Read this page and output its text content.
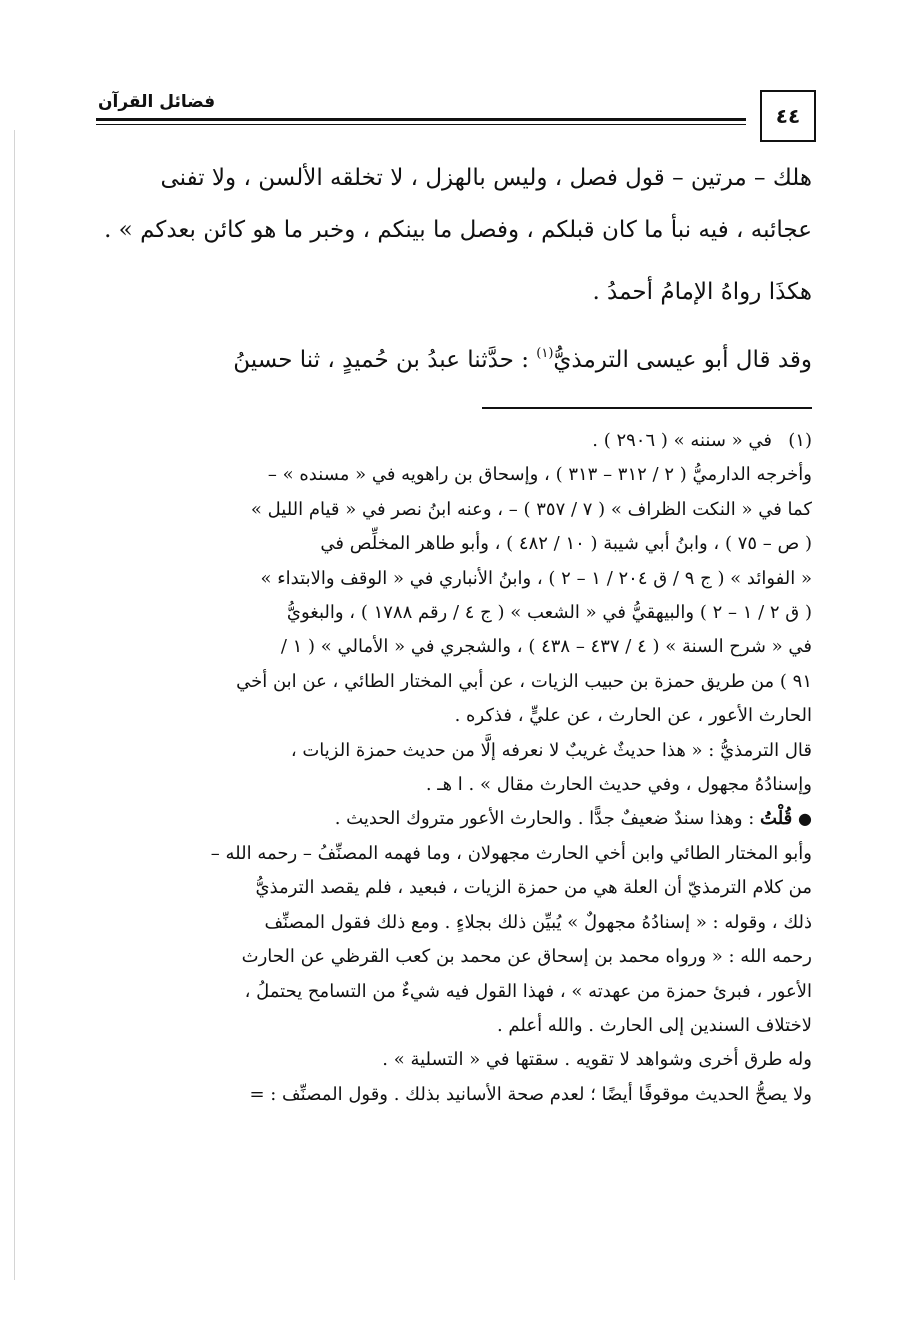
٤٤
فضائل القرآن

هلك – مرتين – قول فصل ، وليس بالهزل ، لا تخلقه الألسن ، ولا تفنى

عجائبه ، فيه نبأ ما كان قبلكم ، وفصل ما بينكم ، وخبر ما هو كائن بعدكم » .

هكذَا رواهُ الإمامُ أحمدُ .

وقد قال أبو عيسى الترمذيُّ$^{(١)}$ : حدَّثنا عبدُ بن حُميدٍ ، ثنا حسينُ

(١)في « سننه » ( ٢٩٠٦ ) .

وأخرجه الدارميُّ ( ٢ / ٣١٢ – ٣١٣ ) ، وإسحاق بن راهويه في « مسنده » –

كما في « النكت الظراف » ( ٧ / ٣٥٧ ) – ، وعنه ابنُ نصر في « قيام الليل »

( ص – ٧٥ ) ، وابنُ أبي شيبة ( ١٠ / ٤٨٢ ) ، وأبو طاهر المخلِّص في

« الفوائد » ( ج ٩ / ق ٢٠٤ / ١ – ٢ ) ، وابنُ الأنباري في « الوقف والابتداء »

( ق ٢ / ١ – ٢ ) والبيهقيُّ في « الشعب » ( ج ٤ / رقم ١٧٨٨ ) ، والبغويُّ

في « شرح السنة » ( ٤ / ٤٣٧ – ٤٣٨ ) ، والشجري في « الأمالي » ( ١ /

٩١ ) من طريق حمزة بن حبيب الزيات ، عن أبي المختار الطائي ، عن ابن أخي

الحارث الأعور ، عن الحارث ، عن عليٍّ ، فذكره .

قال الترمذيُّ : « هذا حديثٌ غريبٌ لا نعرفه إلَّا من حديث حمزة الزيات ،

وإسنادُهُ مجهول ، وفي حديث الحارث مقال » . ا هـ .

● قُلْتُ : وهذا سندٌ ضعيفٌ جدًّا . والحارث الأعور متروك الحديث .

وأبو المختار الطائي وابن أخي الحارث مجهولان ، وما فهمه المصنِّفُ – رحمه الله –

من كلام الترمذيّ أن العلة هي من حمزة الزيات ، فبعيد ، فلم يقصد الترمذيُّ

ذلك ، وقوله : « إسنادُهُ مجهولٌ » يُبيِّن ذلك بجلاءٍ . ومع ذلك فقول المصنِّف

رحمه الله : « ورواه محمد بن إسحاق عن محمد بن كعب القرظي عن الحارث

الأعور ، فبرئ حمزة من عهدته » ، فهذا القول فيه شيءٌ من التسامح يحتملُ ،

لاختلاف السندين إلى الحارث . والله أعلم .

وله طرق أخرى وشواهد لا تقويه . سقتها في « التسلية » .

ولا يصحُّ الحديث موقوفًا أيضًا ؛ لعدم صحة الأسانيد بذلك . وقول المصنِّف : =
